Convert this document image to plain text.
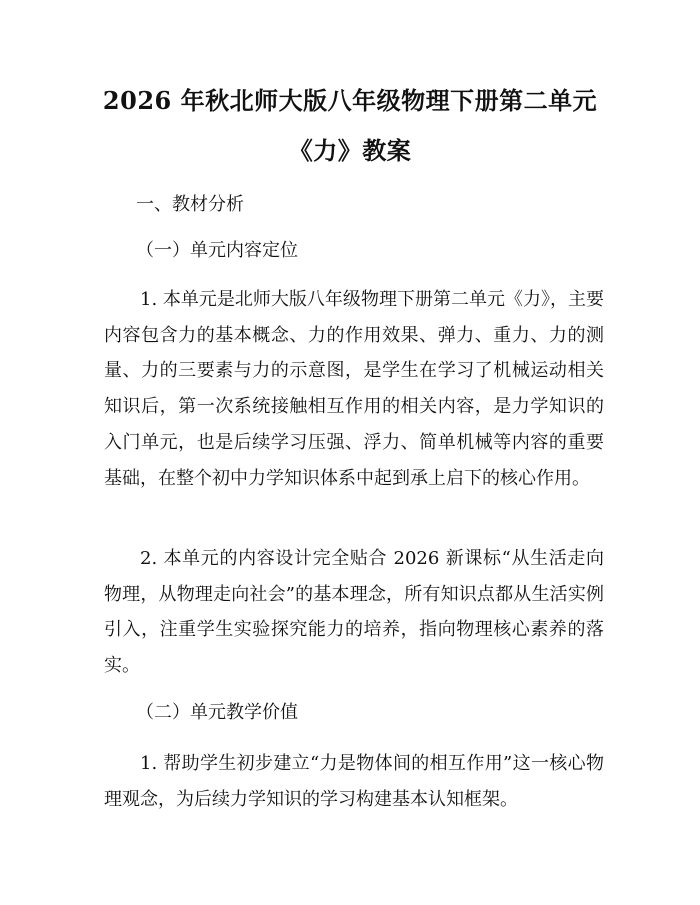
2026 年秋北师大版八年级物理下册第二单元
《力》教案

一、教材分析

（一）单元内容定位

1. 本单元是北师大版八年级物理下册第二单元《力》，主要内容包含力的基本概念、力的作用效果、弹力、重力、力的测量、力的三要素与力的示意图，是学生在学习了机械运动相关知识后，第一次系统接触相互作用的相关内容，是力学知识的入门单元，也是后续学习压强、浮力、简单机械等内容的重要基础，在整个初中力学知识体系中起到承上启下的核心作用。

2. 本单元的内容设计完全贴合 2026 新课标“从生活走向物理，从物理走向社会”的基本理念，所有知识点都从生活实例引入，注重学生实验探究能力的培养，指向物理核心素养的落实。

（二）单元教学价值

1. 帮助学生初步建立“力是物体间的相互作用”这一核心物理观念，为后续力学知识的学习构建基本认知框架。
